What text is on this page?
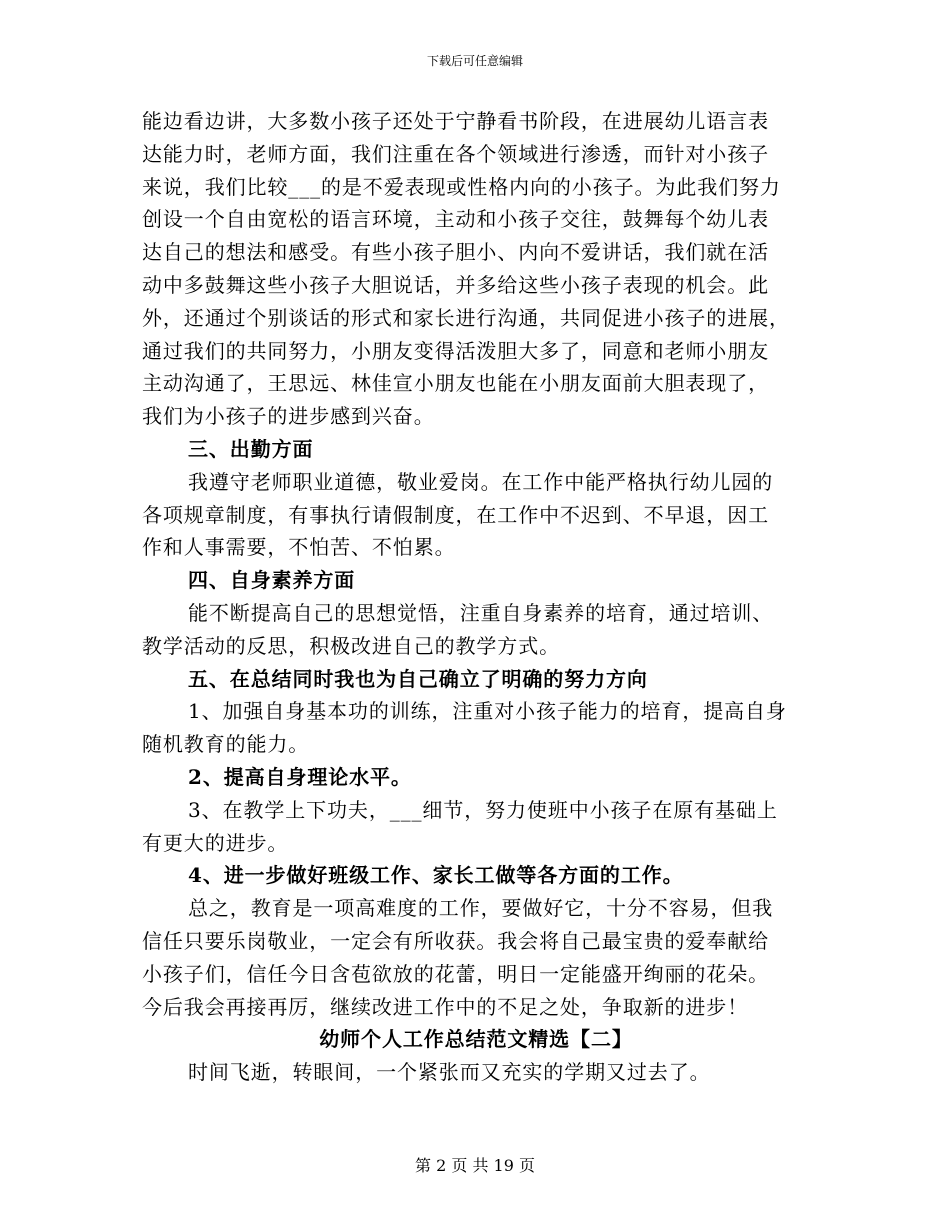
下载后可任意编辑
能边看边讲，大多数小孩子还处于宁静看书阶段，在进展幼儿语言表
达能力时，老师方面，我们注重在各个领域进行渗透，而针对小孩子
来说，我们比较___的是不爱表现或性格内向的小孩子。为此我们努力
创设一个自由宽松的语言环境，主动和小孩子交往，鼓舞每个幼儿表
达自己的想法和感受。有些小孩子胆小、内向不爱讲话，我们就在活
动中多鼓舞这些小孩子大胆说话，并多给这些小孩子表现的机会。此
外，还通过个别谈话的形式和家长进行沟通，共同促进小孩子的进展，
通过我们的共同努力，小朋友变得活泼胆大多了，同意和老师小朋友
主动沟通了，王思远、林佳宣小朋友也能在小朋友面前大胆表现了，
我们为小孩子的进步感到兴奋。
三、出勤方面
我遵守老师职业道德，敬业爱岗。在工作中能严格执行幼儿园的
各项规章制度，有事执行请假制度，在工作中不迟到、不早退，因工
作和人事需要，不怕苦、不怕累。
四、自身素养方面
能不断提高自己的思想觉悟，注重自身素养的培育，通过培训、
教学活动的反思，积极改进自己的教学方式。
五、在总结同时我也为自己确立了明确的努力方向
1、加强自身基本功的训练，注重对小孩子能力的培育，提高自身
随机教育的能力。
2、提高自身理论水平。
3、在教学上下功夫，___细节，努力使班中小孩子在原有基础上
有更大的进步。
4、进一步做好班级工作、家长工做等各方面的工作。
总之，教育是一项高难度的工作，要做好它，十分不容易，但我
信任只要乐岗敬业，一定会有所收获。我会将自己最宝贵的爱奉献给
小孩子们，信任今日含苞欲放的花蕾，明日一定能盛开绚丽的花朵。
今后我会再接再厉，继续改进工作中的不足之处，争取新的进步！
幼师个人工作总结范文精选【二】
时间飞逝，转眼间，一个紧张而又充实的学期又过去了。
第 2 页 共 19 页
